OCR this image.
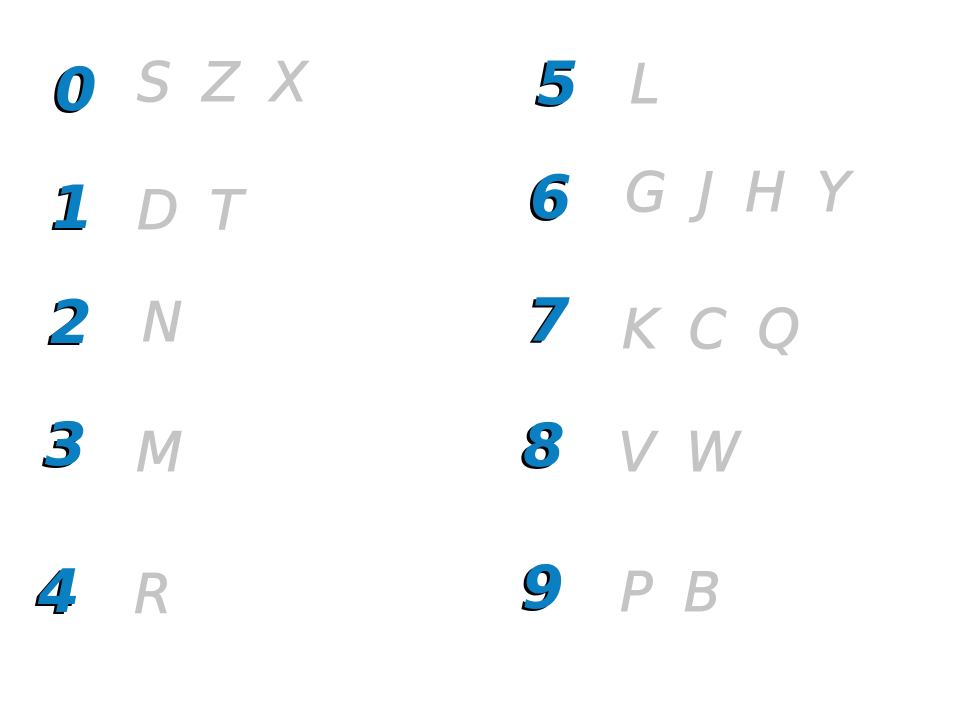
0 S Z X
1 D T
2 N
3 M
4 R
5 L
6 G J H Y
7 K C Q
8 V W
9 P B
